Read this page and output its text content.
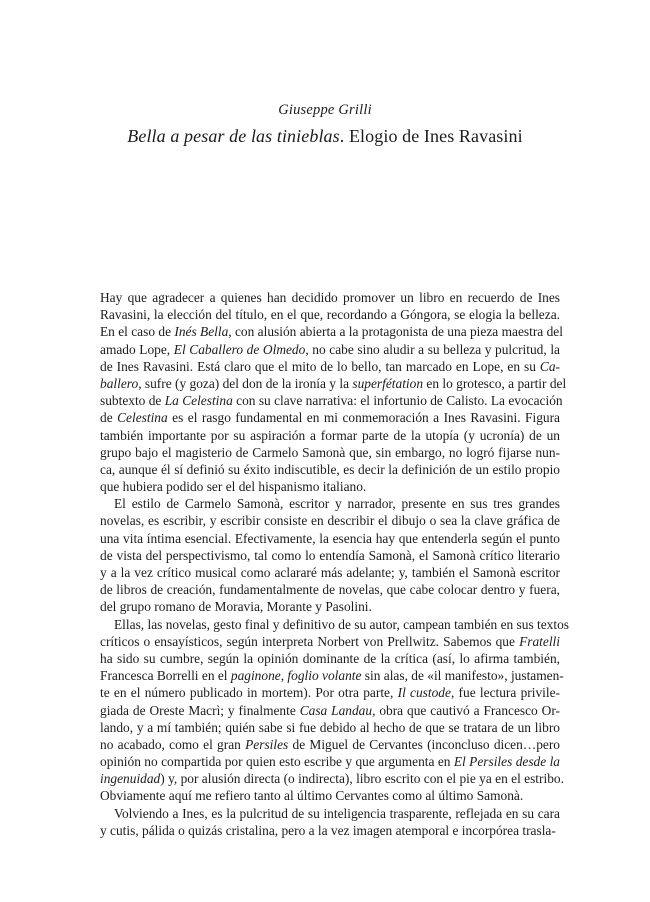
Giuseppe Grilli
Bella a pesar de las tinieblas. Elogio de Ines Ravasini
Hay que agradecer a quienes han decidido promover un libro en recuerdo de Ines
Ravasini, la elección del título, en el que, recordando a Góngora, se elogia la belleza.
En el caso de Inés Bella, con alusión abierta a la protagonista de una pieza maestra del
amado Lope, El Caballero de Olmedo, no cabe sino aludir a su belleza y pulcritud, la
de Ines Ravasini. Está claro que el mito de lo bello, tan marcado en Lope, en su Ca-
ballero, sufre (y goza) del don de la ironía y la superfétation en lo grotesco, a partir del
subtexto de La Celestina con su clave narrativa: el infortunio de Calisto. La evocación
de Celestina es el rasgo fundamental en mi conmemoración a Ines Ravasini. Figura
también importante por su aspiración a formar parte de la utopía (y ucronía) de un
grupo bajo el magisterio de Carmelo Samonà que, sin embargo, no logró fijarse nun-
ca, aunque él sí definió su éxito indiscutible, es decir la definición de un estilo propio
que hubiera podido ser el del hispanismo italiano.
El estilo de Carmelo Samonà, escritor y narrador, presente en sus tres grandes
novelas, es escribir, y escribir consiste en describir el dibujo o sea la clave gráfica de
una vita íntima esencial. Efectivamente, la esencia hay que entenderla según el punto
de vista del perspectivismo, tal como lo entendía Samonà, el Samonà crítico literario
y a la vez crítico musical como aclararé más adelante; y, también el Samonà escritor
de libros de creación, fundamentalmente de novelas, que cabe colocar dentro y fuera,
del grupo romano de Moravia, Morante y Pasolini.
Ellas, las novelas, gesto final y definitivo de su autor, campean también en sus textos
críticos o ensayísticos, según interpreta Norbert von Prellwitz. Sabemos que Fratelli
ha sido su cumbre, según la opinión dominante de la crítica (así, lo afirma también,
Francesca Borrelli en el paginone, foglio volante sin alas, de «il manifesto», justamen-
te en el número publicado in mortem). Por otra parte, Il custode, fue lectura privile-
giada de Oreste Macrì; y finalmente Casa Landau, obra que cautivó a Francesco Or-
lando, y a mí también; quién sabe si fue debido al hecho de que se tratara de un libro
no acabado, como el gran Persiles de Miguel de Cervantes (inconcluso dicen…pero
opinión no compartida por quien esto escribe y que argumenta en El Persiles desde la
ingenuidad) y, por alusión directa (o indirecta), libro escrito con el pie ya en el estribo.
Obviamente aquí me refiero tanto al último Cervantes como al último Samonà.
Volviendo a Ines, es la pulcritud de su inteligencia trasparente, reflejada en su cara
y cutis, pálida o quizás cristalina, pero a la vez imagen atemporal e incorpórea trasla-
